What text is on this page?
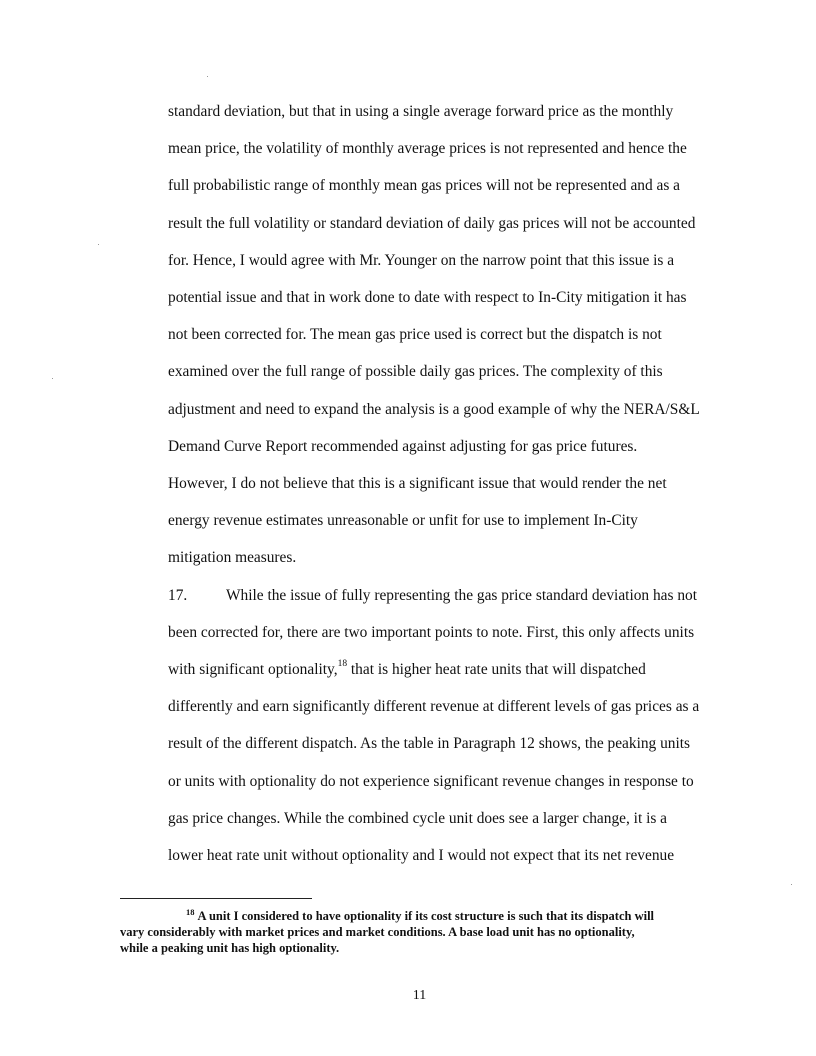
standard deviation, but that in using a single average forward price as the monthly
mean price, the volatility of monthly average prices is not represented and hence the
full probabilistic range of monthly mean gas prices will not be represented and as a
result the full volatility or standard deviation of daily gas prices will not be accounted
for. Hence, I would agree with Mr. Younger on the narrow point that this issue is a
potential issue and that in work done to date with respect to In-City mitigation it has
not been corrected for. The mean gas price used is correct but the dispatch is not
examined over the full range of possible daily gas prices. The complexity of this
adjustment and need to expand the analysis is a good example of why the NERA/S&L
Demand Curve Report recommended against adjusting for gas price futures.
However, I do not believe that this is a significant issue that would render the net
energy revenue estimates unreasonable or unfit for use to implement In-City
mitigation measures.
17.	While the issue of fully representing the gas price standard deviation has not
been corrected for, there are two important points to note. First, this only affects units
with significant optionality,$^{18}$ that is higher heat rate units that will dispatched
differently and earn significantly different revenue at different levels of gas prices as a
result of the different dispatch. As the table in Paragraph 12 shows, the peaking units
or units with optionality do not experience significant revenue changes in response to
gas price changes. While the combined cycle unit does see a larger change, it is a
lower heat rate unit without optionality and I would not expect that its net revenue
$^{18}$ A unit I considered to have optionality if its cost structure is such that its dispatch will
vary considerably with market prices and market conditions. A base load unit has no optionality,
while a peaking unit has high optionality.
11
